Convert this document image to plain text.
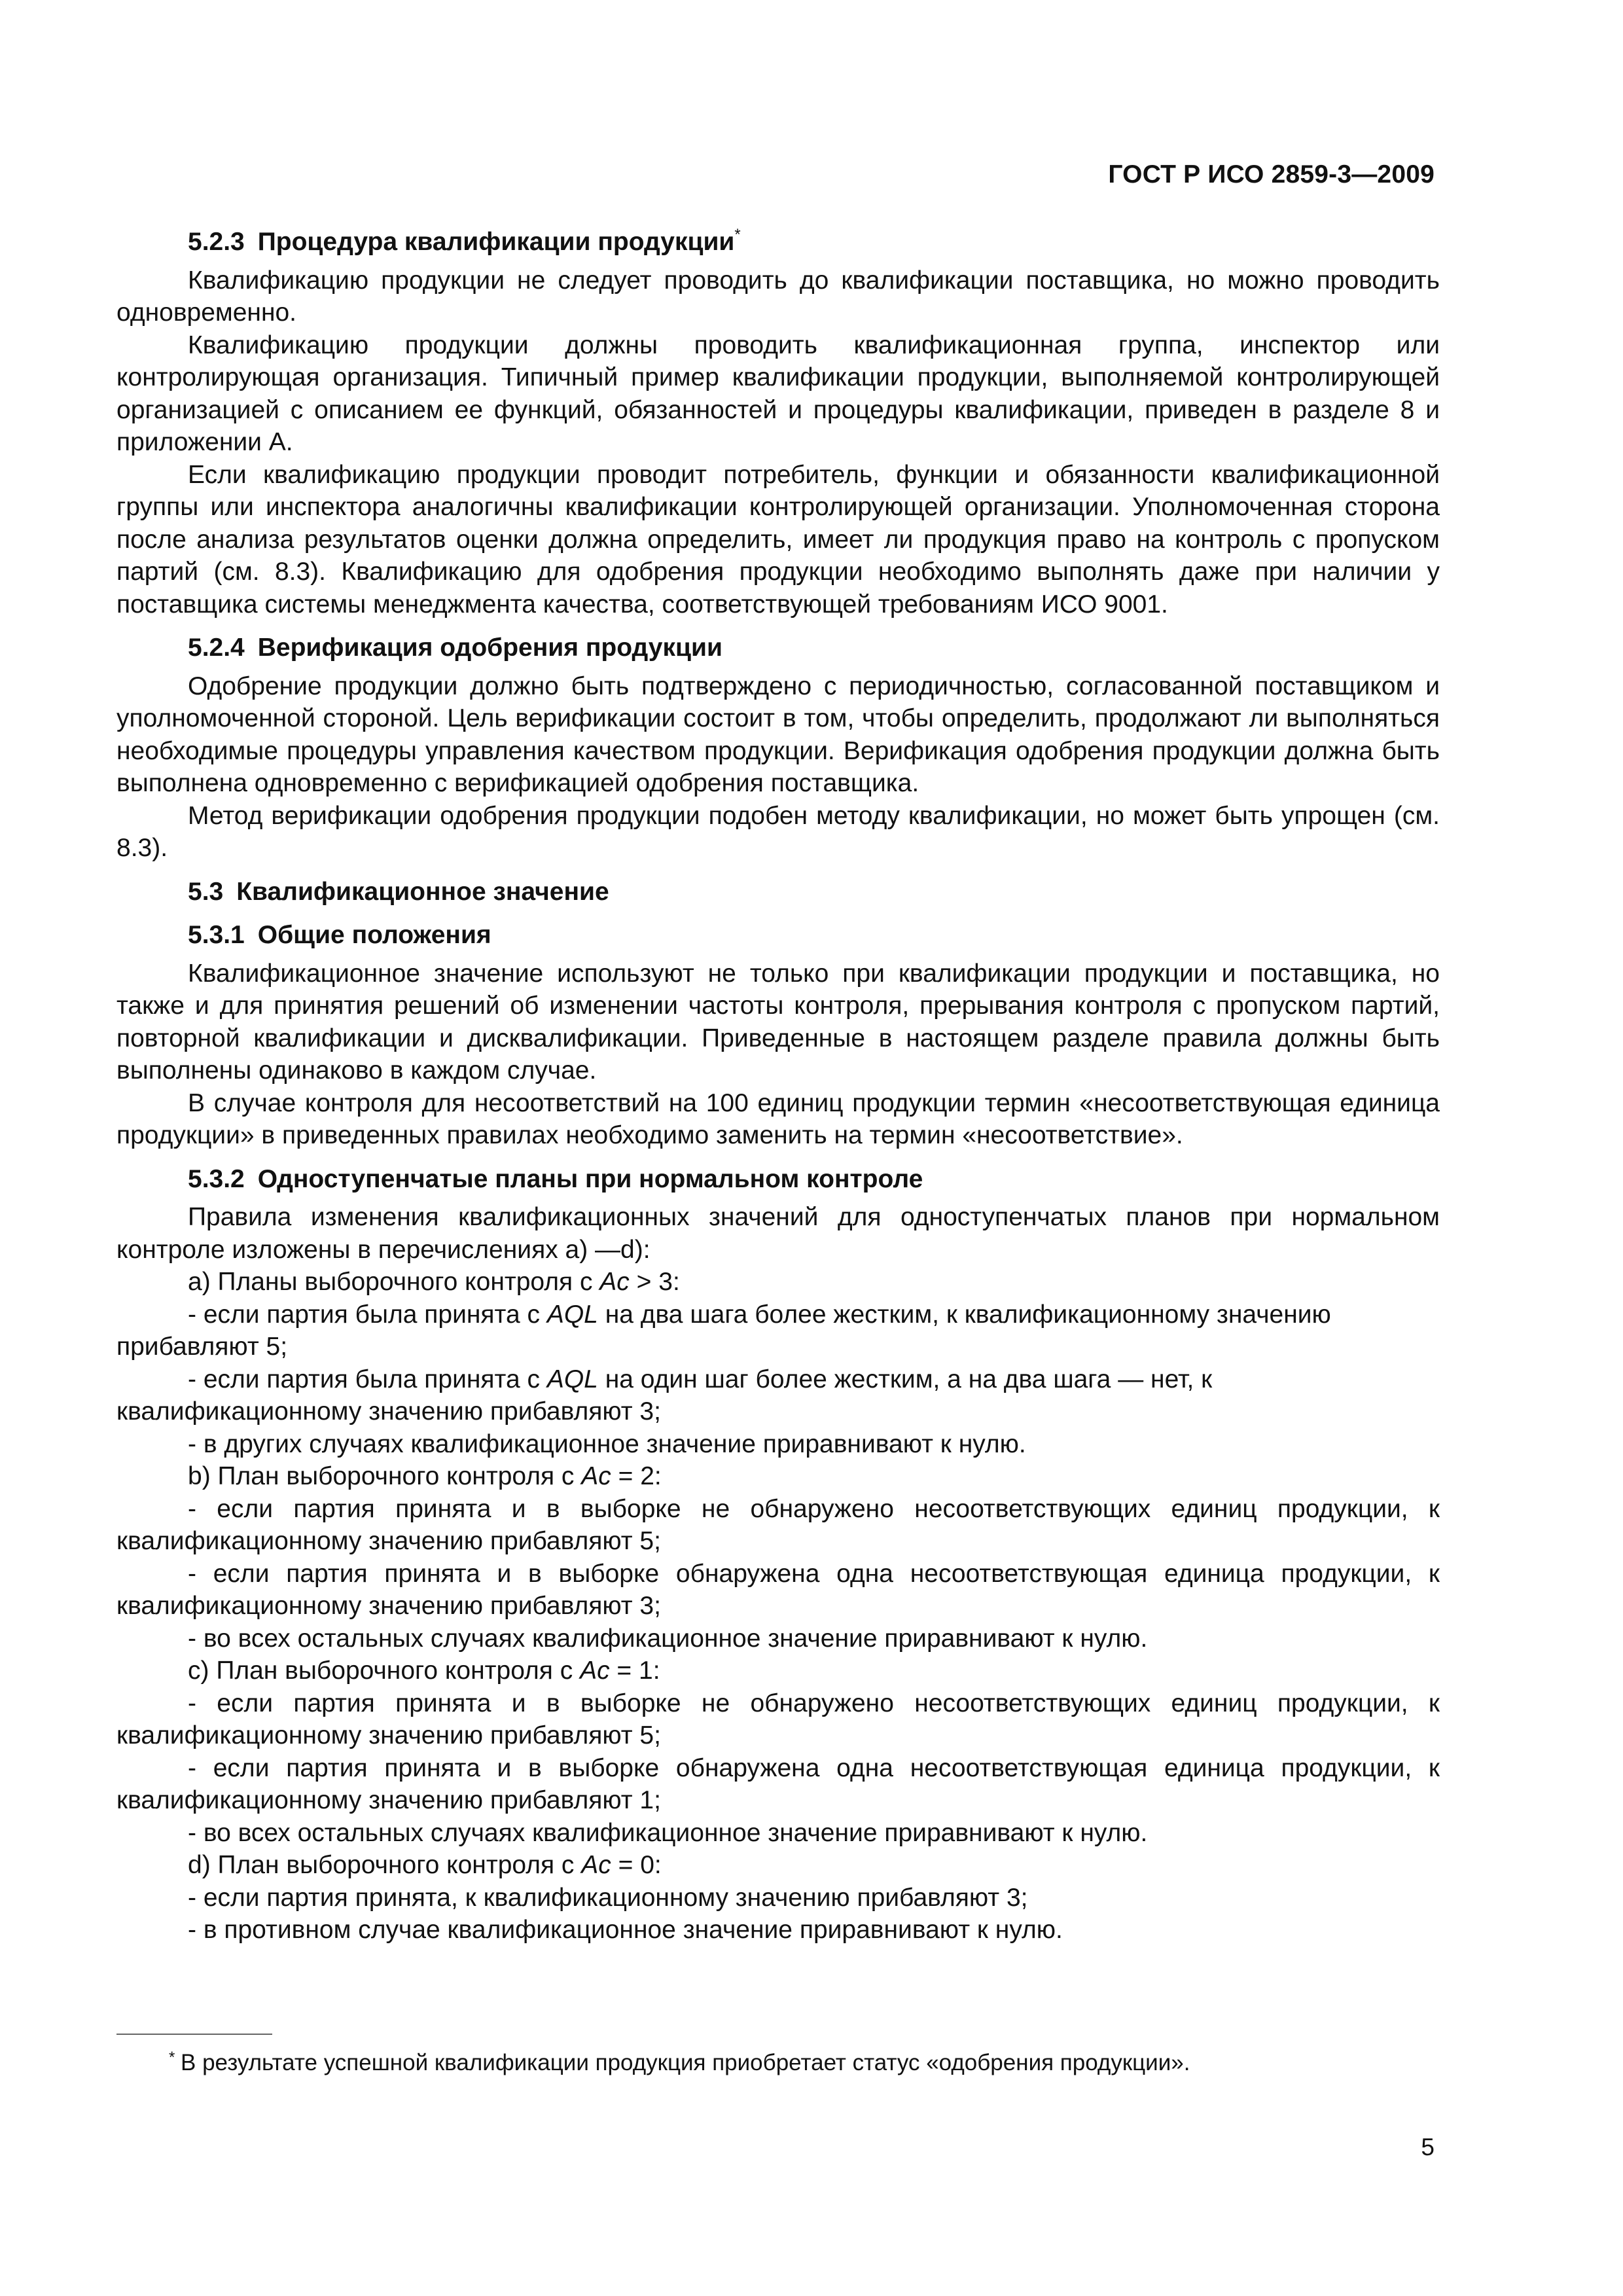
ГОСТ Р ИСО 2859-3—2009
5.2.3 Процедура квалификации продукции*

Квалификацию продукции не следует проводить до квалификации поставщика, но можно проводить одновременно.

Квалификацию продукции должны проводить квалификационная группа, инспектор или контролирующая организация. Типичный пример квалификации продукции, выполняемой контролирующей организацией с описанием ее функций, обязанностей и процедуры квалификации, приведен в разделе 8 и приложении А.

Если квалификацию продукции проводит потребитель, функции и обязанности квалификационной группы или инспектора аналогичны квалификации контролирующей организации. Уполномоченная сторона после анализа результатов оценки должна определить, имеет ли продукция право на контроль с пропуском партий (см. 8.3). Квалификацию для одобрения продукции необходимо выполнять даже при наличии у поставщика системы менеджмента качества, соответствующей требованиям ИСО 9001.

5.2.4 Верификация одобрения продукции

Одобрение продукции должно быть подтверждено с периодичностью, согласованной поставщиком и уполномоченной стороной. Цель верификации состоит в том, чтобы определить, продолжают ли выполняться необходимые процедуры управления качеством продукции. Верификация одобрения продукции должна быть выполнена одновременно с верификацией одобрения поставщика.

Метод верификации одобрения продукции подобен методу квалификации, но может быть упрощен (см. 8.3).

5.3 Квалификационное значение
5.3.1 Общие положения

Квалификационное значение используют не только при квалификации продукции и поставщика, но также и для принятия решений об изменении частоты контроля, прерывания контроля с пропуском партий, повторной квалификации и дисквалификации. Приведенные в настоящем разделе правила должны быть выполнены одинаково в каждом случае.

В случае контроля для несоответствий на 100 единиц продукции термин «несоответствующая единица продукции» в приведенных правилах необходимо заменить на термин «несоответствие».

5.3.2 Одноступенчатые планы при нормальном контроле

Правила изменения квалификационных значений для одноступенчатых планов при нормальном контроле изложены в перечислениях а) —d):

а) Планы выборочного контроля с Ac > 3:

- если партия была принята с AQL на два шага более жестким, к квалификационному значению прибавляют 5;

- если партия была принята с AQL на один шаг более жестким, а на два шага — нет, к квалификационному значению прибавляют 3;

- в других случаях квалификационное значение приравнивают к нулю.

b) План выборочного контроля с Ac = 2:

- если партия принята и в выборке не обнаружено несоответствующих единиц продукции, к квалификационному значению прибавляют 5;

- если партия принята и в выборке обнаружена одна несоответствующая единица продукции, к квалификационному значению прибавляют 3;

- во всех остальных случаях квалификационное значение приравнивают к нулю.

с) План выборочного контроля с Ac = 1:

- если партия принята и в выборке не обнаружено несоответствующих единиц продукции, к квалификационному значению прибавляют 5;

- если партия принята и в выборке обнаружена одна несоответствующая единица продукции, к квалификационному значению прибавляют 1;

- во всех остальных случаях квалификационное значение приравнивают к нулю.

d) План выборочного контроля с Ac = 0:

- если партия принята, к квалификационному значению прибавляют 3;

- в противном случае квалификационное значение приравнивают к нулю.

* В результате успешной квалификации продукция приобретает статус «одобрения продукции».
5
